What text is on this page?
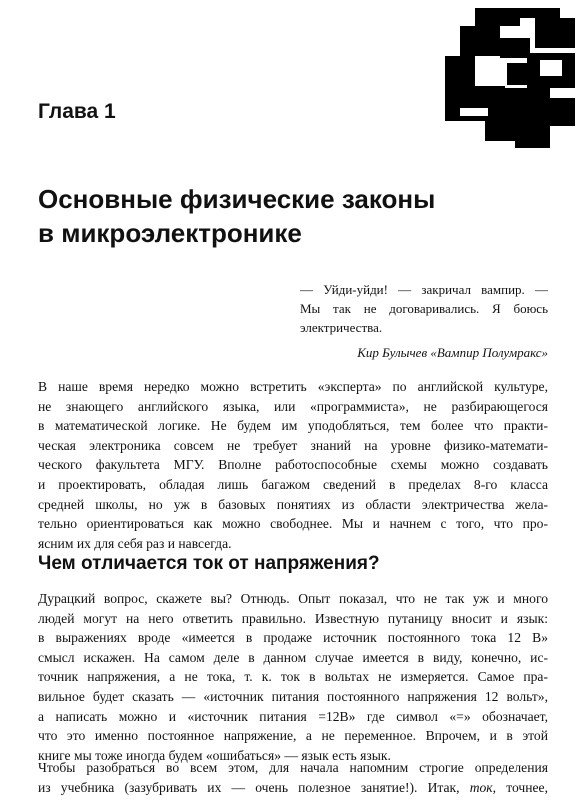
Глава 1
Основные физические законы
в микроэлектронике
— Уйди-уйди! — закричал вампир. —
Мы так не договаривались. Я боюсь
электричества.
Кир Булычев «Вампир Полумракс»

В наше время нередко можно встретить «эксперта» по английской культуре,
не знающего английского языка, или «программиста», не разбирающегося
в математической логике. Не будем им уподобляться, тем более что практи-
ческая электроника совсем не требует знаний на уровне физико-математи-
ческого факультета МГУ. Вполне работоспособные схемы можно создавать
и проектировать, обладая лишь багажом сведений в пределах 8-го класса
средней школы, но уж в базовых понятиях из области электричества жела-
тельно ориентироваться как можно свободнее. Мы и начнем с того, что про-
ясним их для себя раз и навсегда.

Чем отличается ток от напряжения?

Дурацкий вопрос, скажете вы? Отнюдь. Опыт показал, что не так уж и много
людей могут на него ответить правильно. Известную путаницу вносит и язык:
в выражениях вроде «имеется в продаже источник постоянного тока 12 В»
смысл искажен. На самом деле в данном случае имеется в виду, конечно, ис-
точник напряжения, а не тока, т. к. ток в вольтах не измеряется. Самое пра-
вильное будет сказать — «источник питания постоянного напряжения 12 вольт»,
а написать можно и «источник питания =12В» где символ «=» обозначает,
что это именно постоянное напряжение, а не переменное. Впрочем, и в этой
книге мы тоже иногда будем «ошибаться» — язык есть язык.

Чтобы разобраться во всем этом, для начала напомним строгие определения
из учебника (зазубривать их — очень полезное занятие!). Итак, ток, точнее,
